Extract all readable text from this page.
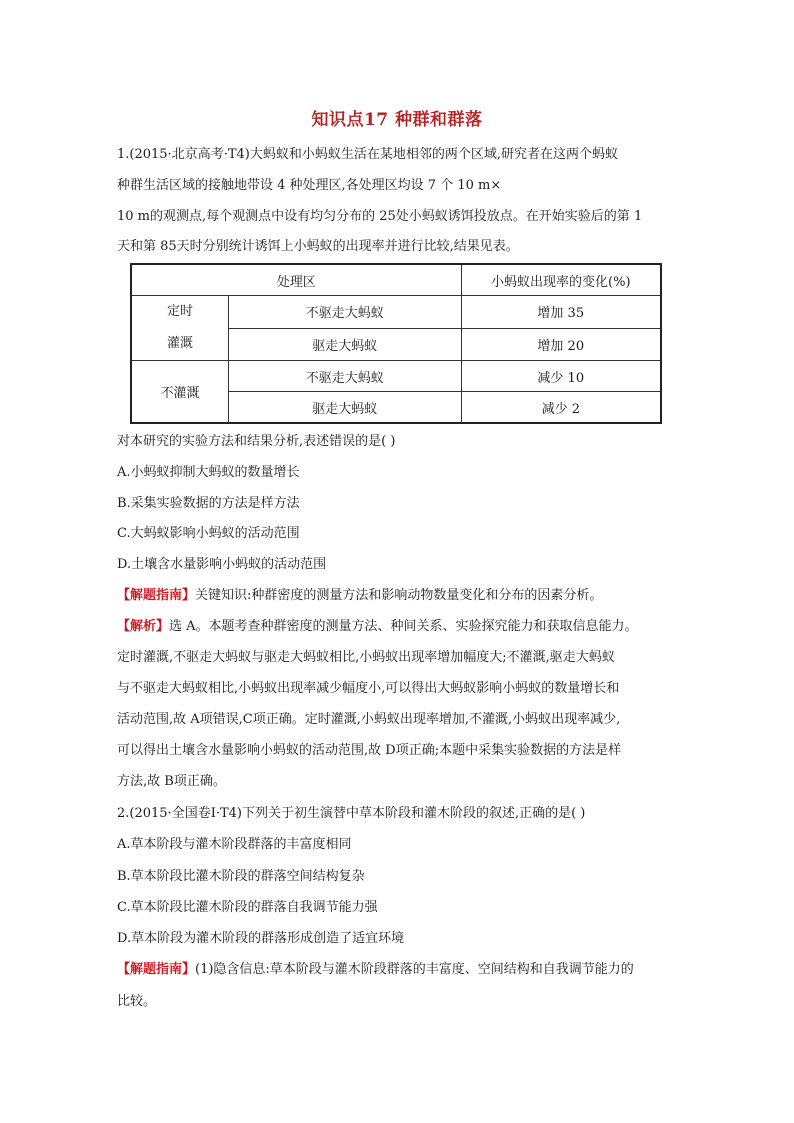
知识点17 种群和群落
1.(2015·北京高考·T4)大蚂蚁和小蚂蚁生活在某地相邻的两个区域,研究者在这两个蚂蚁
种群生活区域的接触地带设 4 种处理区,各处理区均设 7 个 10 m×
10 m的观测点,每个观测点中设有均匀分布的 25处小蚂蚁诱饵投放点。在开始实验后的第 1
天和第 85天时分别统计诱饵上小蚂蚁的出现率并进行比较,结果见表。
处理区		小蚂蚁出现率的变化(%)
定时
灌溉	不驱走大蚂蚁	增加 35
	驱走大蚂蚁	增加 20
不灌溉	不驱走大蚂蚁	减少 10
	驱走大蚂蚁	减少 2
对本研究的实验方法和结果分析,表述错误的是( )
A.小蚂蚁抑制大蚂蚁的数量增长
B.采集实验数据的方法是样方法
C.大蚂蚁影响小蚂蚁的活动范围
D.土壤含水量影响小蚂蚁的活动范围
【解题指南】关键知识:种群密度的测量方法和影响动物数量变化和分布的因素分析。
【解析】选 A。本题考查种群密度的测量方法、种间关系、实验探究能力和获取信息能力。
定时灌溉,不驱走大蚂蚁与驱走大蚂蚁相比,小蚂蚁出现率增加幅度大;不灌溉,驱走大蚂蚁
与不驱走大蚂蚁相比,小蚂蚁出现率减少幅度小,可以得出大蚂蚁影响小蚂蚁的数量增长和
活动范围,故 A项错误,C项正确。定时灌溉,小蚂蚁出现率增加,不灌溉,小蚂蚁出现率减少,
可以得出土壤含水量影响小蚂蚁的活动范围,故 D项正确;本题中采集实验数据的方法是样
方法,故 B项正确。
2.(2015·全国卷Ⅰ·T4)下列关于初生演替中草本阶段和灌木阶段的叙述,正确的是( )
A.草本阶段与灌木阶段群落的丰富度相同
B.草本阶段比灌木阶段的群落空间结构复杂
C.草本阶段比灌木阶段的群落自我调节能力强
D.草本阶段为灌木阶段的群落形成创造了适宜环境
【解题指南】(1)隐含信息:草本阶段与灌木阶段群落的丰富度、空间结构和自我调节能力的
比较。
